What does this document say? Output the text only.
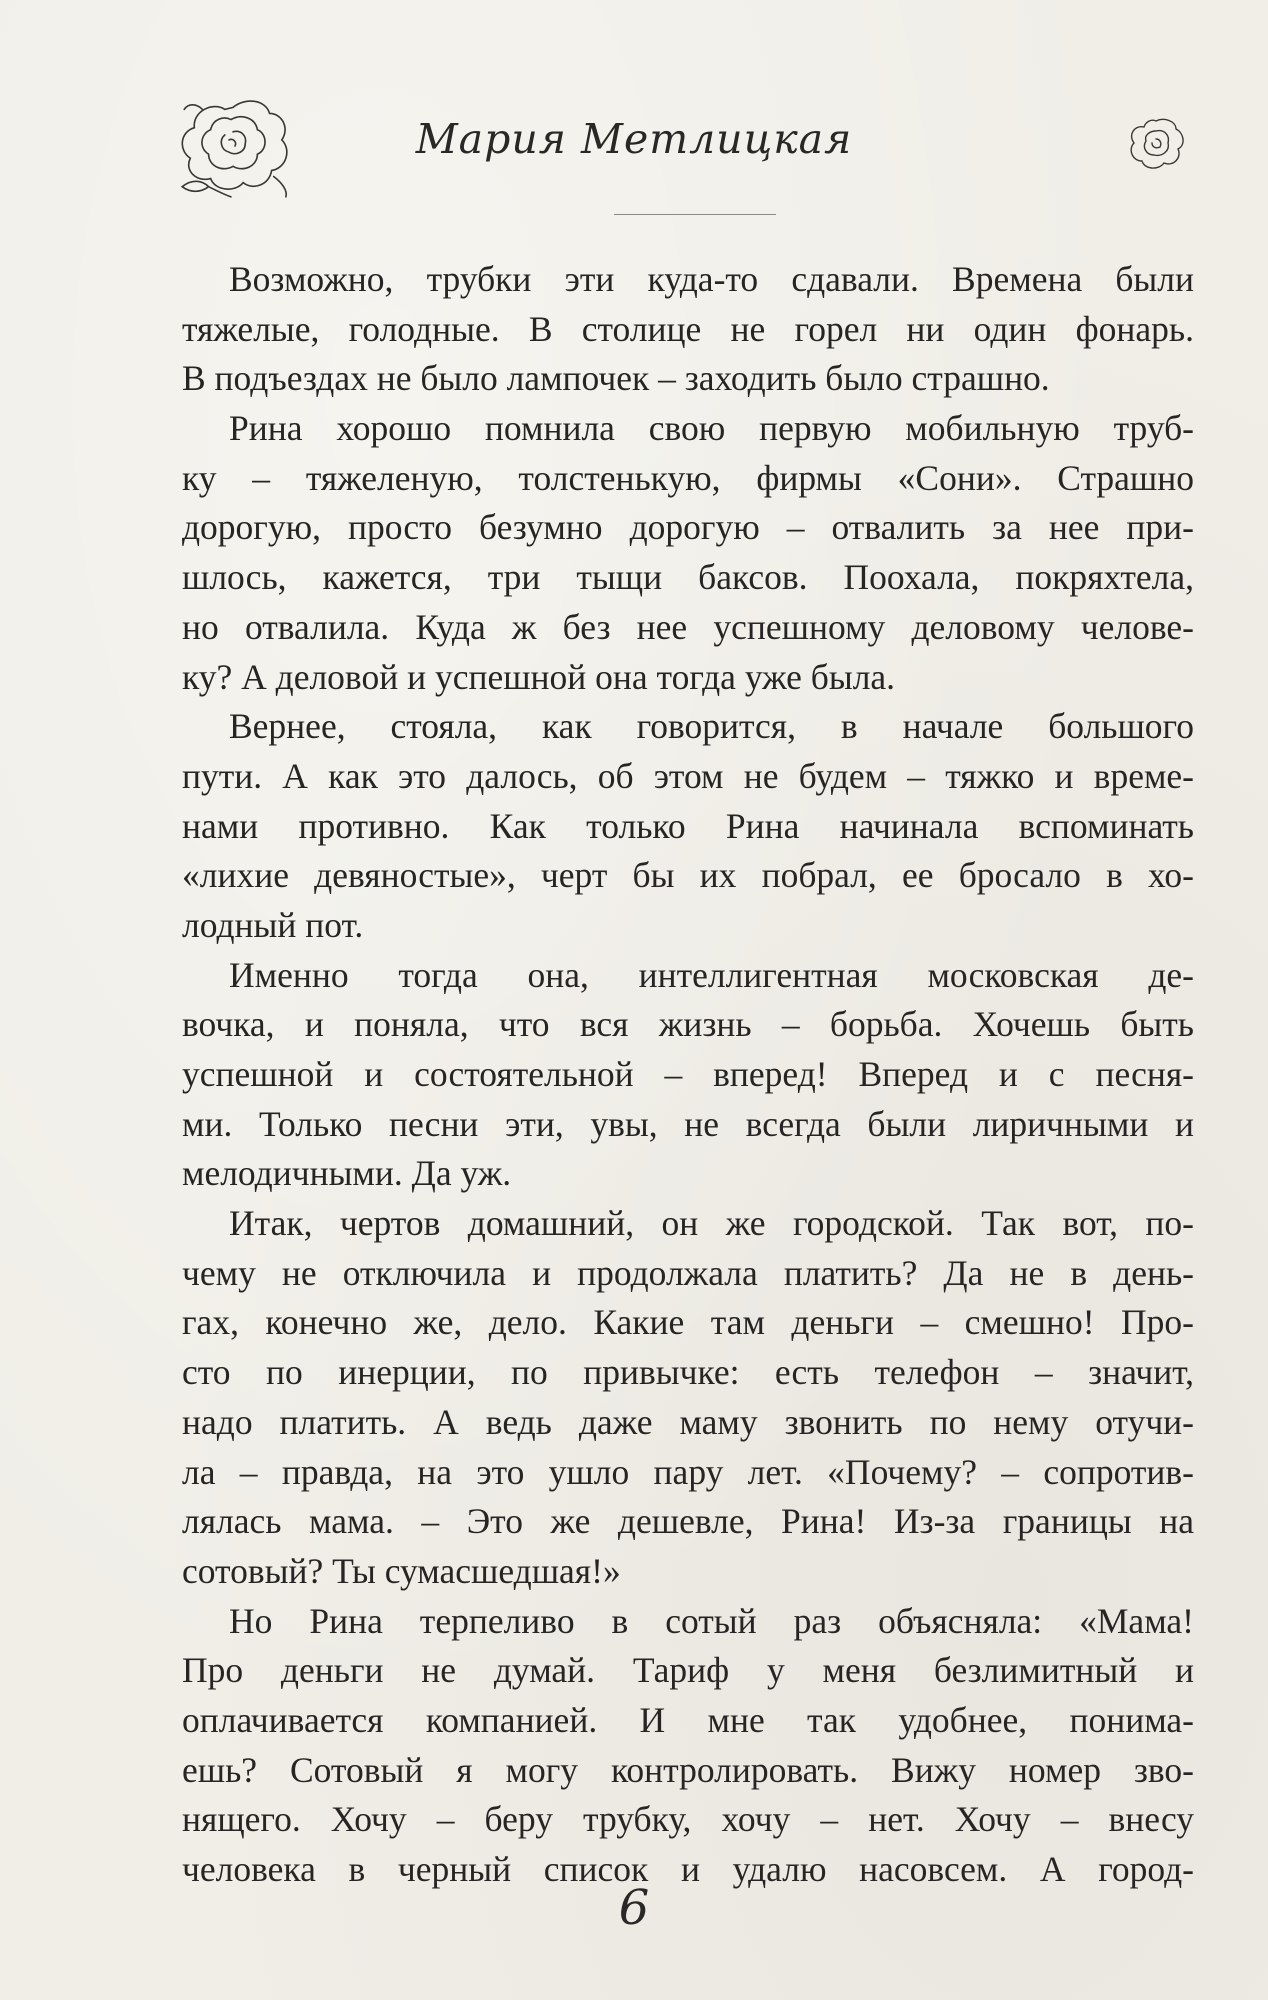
Мария Метлицкая
Возможно, трубки эти куда-то сдавали. Времена были
тяжелые, голодные. В столице не горел ни один фонарь.
В подъездах не было лампочек – заходить было страшно.
Рина хорошо помнила свою первую мобильную труб-
ку – тяжеленую, толстенькую, фирмы «Сони». Страшно
дорогую, просто безумно дорогую – отвалить за нее при-
шлось, кажется, три тыщи баксов. Поохала, покряхтела,
но отвалила. Куда ж без нее успешному деловому челове-
ку? А деловой и успешной она тогда уже была.
Вернее, стояла, как говорится, в начале большого
пути. А как это далось, об этом не будем – тяжко и време-
нами противно. Как только Рина начинала вспоминать
«лихие девяностые», черт бы их побрал, ее бросало в хо-
лодный пот.
Именно тогда она, интеллигентная московская де-
вочка, и поняла, что вся жизнь – борьба. Хочешь быть
успешной и состоятельной – вперед! Вперед и с песня-
ми. Только песни эти, увы, не всегда были лиричными и
мелодичными. Да уж.
Итак, чертов домашний, он же городской. Так вот, по-
чему не отключила и продолжала платить? Да не в день-
гах, конечно же, дело. Какие там деньги – смешно! Про-
сто по инерции, по привычке: есть телефон – значит,
надо платить. А ведь даже маму звонить по нему отучи-
ла – правда, на это ушло пару лет. «Почему? – сопротив-
лялась мама. – Это же дешевле, Рина! Из-за границы на
сотовый? Ты сумасшедшая!»
Но Рина терпеливо в сотый раз объясняла: «Мама!
Про деньги не думай. Тариф у меня безлимитный и
оплачивается компанией. И мне так удобнее, понима-
ешь? Сотовый я могу контролировать. Вижу номер зво-
нящего. Хочу – беру трубку, хочу – нет. Хочу – внесу
человека в черный список и удалю насовсем. А город-
6
